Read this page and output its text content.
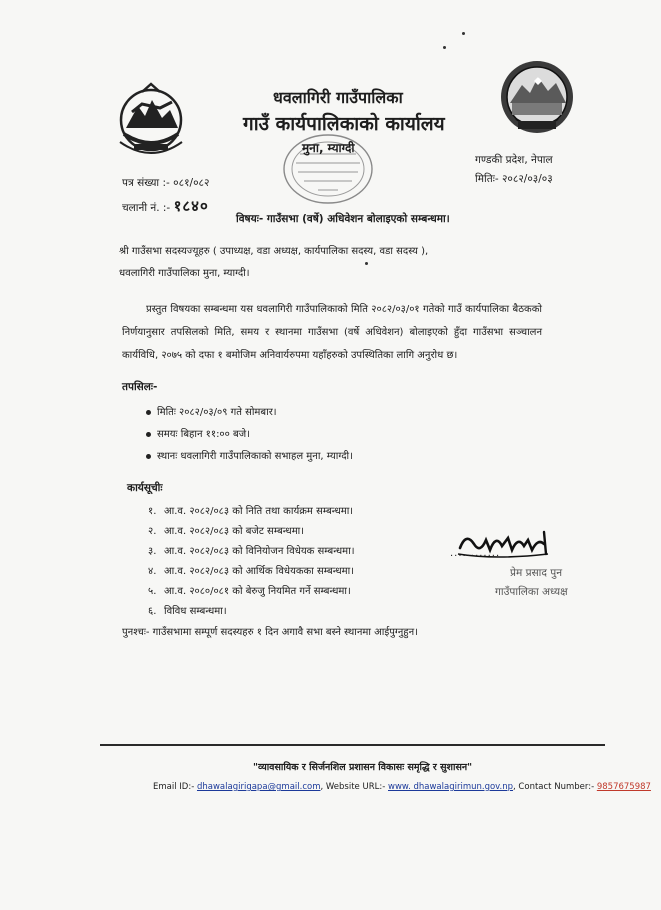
धवलागिरी गाउँपालिका
गाउँ कार्यपालिकाको कार्यालय
मुना, म्याग्दी
गण्डकी प्रदेश, नेपाल
मितिः- २०८२/०३/०३
पत्र संख्या :- ०८१/०८२
चलानी नं. :- १८४०
विषयः- गाउँसभा (वर्षे) अधिवेशन बोलाइएको सम्बन्धमा।
श्री गाउँसभा सदस्यज्यूहरु ( उपाध्यक्ष, वडा अध्यक्ष, कार्यपालिका सदस्य, वडा सदस्य ),
धवलागिरी गाउँपालिका मुना, म्याग्दी।
प्रस्तुत विषयका सम्बन्धमा यस धवलागिरी गाउँपालिकाको मिति २०८२/०३/०१ गतेको गाउँ कार्यपालिका बैठकको निर्णयानुसार तपसिलको मिति, समय र स्थानमा गाउँसभा (वर्षे अधिवेशन) बोलाइएको हुँदा गाउँसभा सञ्चालन कार्यविधि, २०७५ को दफा १ बमोजिम अनिवार्यरुपमा यहाँहरुको उपस्थितिका लागि अनुरोध छ।
तपसिलः-
मितिः २०८२/०३/०९ गते सोमबार।
समयः बिहान ११:०० बजे।
स्थानः धवलागिरी गाउँपालिकाको सभाहल मुना, म्याग्दी।
कार्यसूचीः
१. आ.व. २०८२/०८३ को निति तथा कार्यक्रम सम्बन्धमा।
२. आ.व. २०८२/०८३ को बजेट सम्बन्धमा।
३. आ.व. २०८२/०८३ को विनियोजन विधेयक सम्बन्धमा।
४. आ.व. २०८२/०८३ को आर्थिक विधेयकका सम्बन्धमा।
५. आ.व. २०८०/०८१ को बेरुजु नियमित गर्ने सम्बन्धमा।
६. विविध सम्बन्धमा।
............
प्रेम प्रसाद पुन
गाउँपालिका अध्यक्ष
पुनश्चः- गाउँसभामा सम्पूर्ण सदस्यहरु १ दिन अगावै सभा बस्ने स्थानमा आईपुग्नुहुन।
"व्यावसायिक र सिर्जनशिल प्रशासन विकासः समृद्धि र सुशासन"
Email ID:- dhawalagirigapa@gmail.com, Website URL:- www. dhawalagirimun.gov.np, Contact Number:- 9857675987
